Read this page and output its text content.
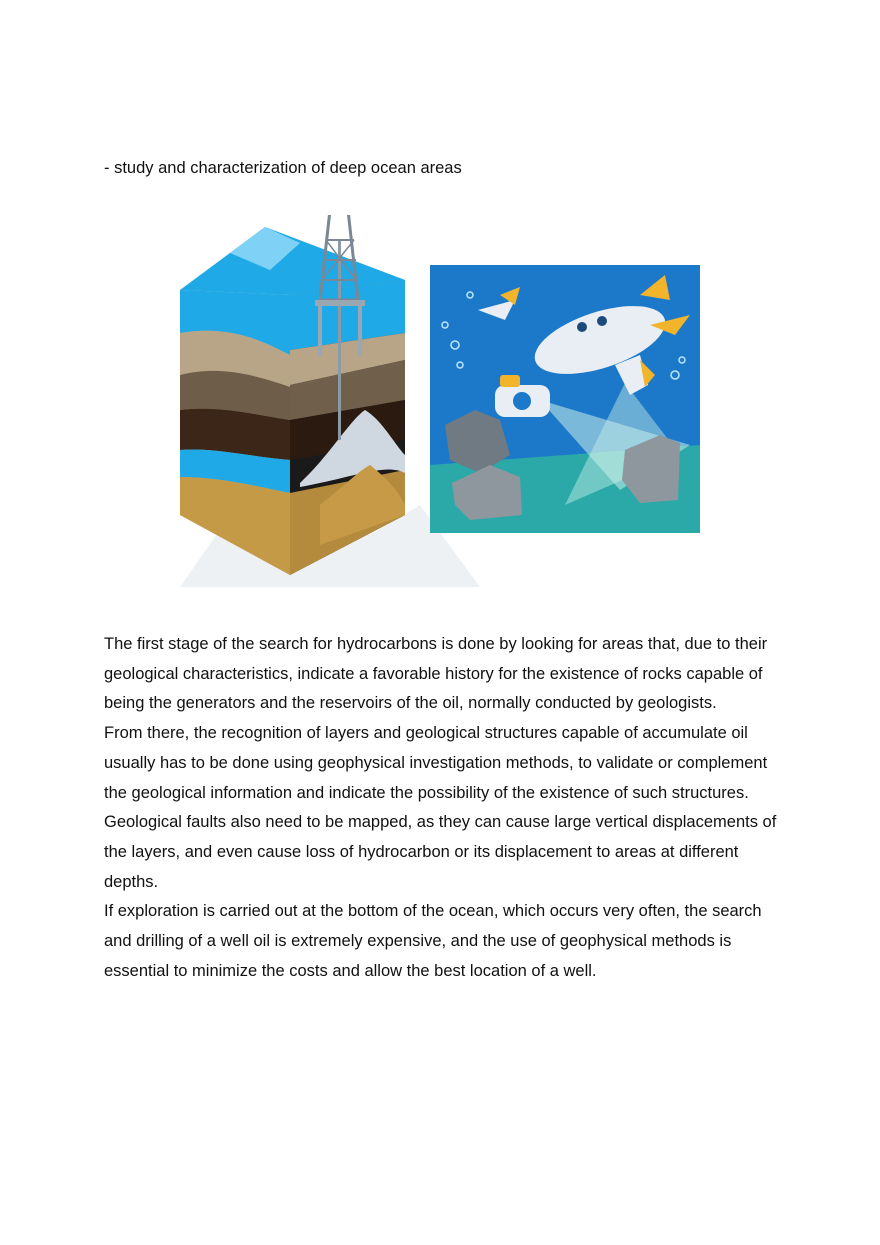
- study and characterization of deep ocean areas

The first stage of the search for hydrocarbons is done by looking for areas that, due to their geological characteristics, indicate a favorable history for the existence of rocks capable of being the generators and the reservoirs of the oil, normally conducted by geologists.

From there, the recognition of layers and geological structures capable of accumulate oil usually has to be done using geophysical investigation methods, to validate or complement the geological information and indicate the possibility of the existence of such structures.

Geological faults also need to be mapped, as they can cause large vertical displacements of the layers, and even cause loss of hydrocarbon or its displacement to areas at different depths.

If exploration is carried out at the bottom of the ocean, which occurs very often, the search and drilling of a well oil is extremely expensive, and the use of geophysical methods is essential to minimize the costs and allow the best location of a well.
